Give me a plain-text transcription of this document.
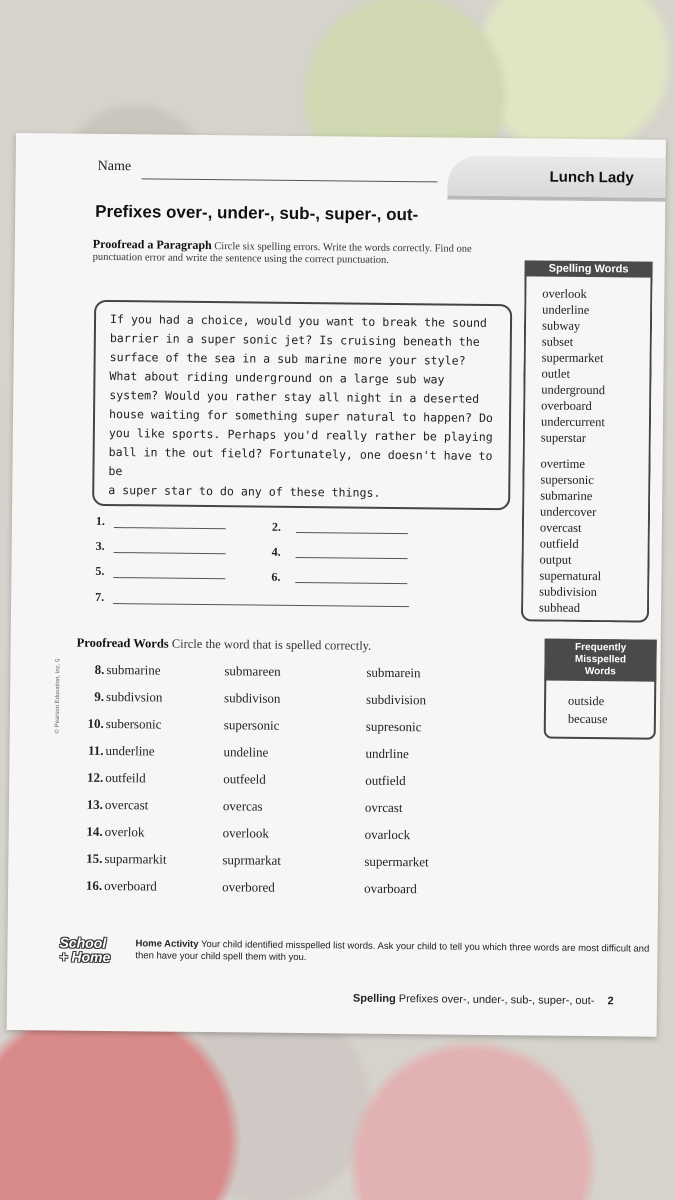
Name
Lunch Lady
Prefixes over-, under-, sub-, super-, out-
Proofread a Paragraph Circle six spelling errors. Write the words correctly. Find one punctuation error and write the sentence using the correct punctuation.
If you had a choice, would you want to break the sound
barrier in a super sonic jet? Is cruising beneath the
surface of the sea in a sub marine more your style?
What about riding underground on a large sub way
system? Would you rather stay all night in a deserted
house waiting for something super natural to happen? Do
you like sports. Perhaps you'd really rather be playing
ball in the out field? Fortunately, one doesn't have to be
a super star to do any of these things.
1.	2.
3.	4.
5.	6.
7.
Spelling Words
overlook
underline
subway
subset
supermarket
outlet
underground
overboard
undercurrent
superstar
overtime
supersonic
submarine
undercover
overcast
outfield
output
supernatural
subdivision
subhead
Frequently
Misspelled
Words
outside
because
Proofread Words Circle the word that is spelled correctly.
8. submarine	submareen	submarein
9. subdivsion	subdivison	subdivision
10. subersonic	supersonic	supresonic
11. underline	undeline	undrline
12. outfeild	outfeeld	outfield
13. overcast	overcas	ovrcast
14. overlok	overlook	ovarlock
15. suparmarkit	suprmarkat	supermarket
16. overboard	overbored	ovarboard
© Pearson Education, Inc. 5
School
+ Home
Home Activity Your child identified misspelled list words. Ask your child to tell you which three words are most difficult and then have your child spell them with you.
Spelling Prefixes over-, under-, sub-, super-, out- 2
